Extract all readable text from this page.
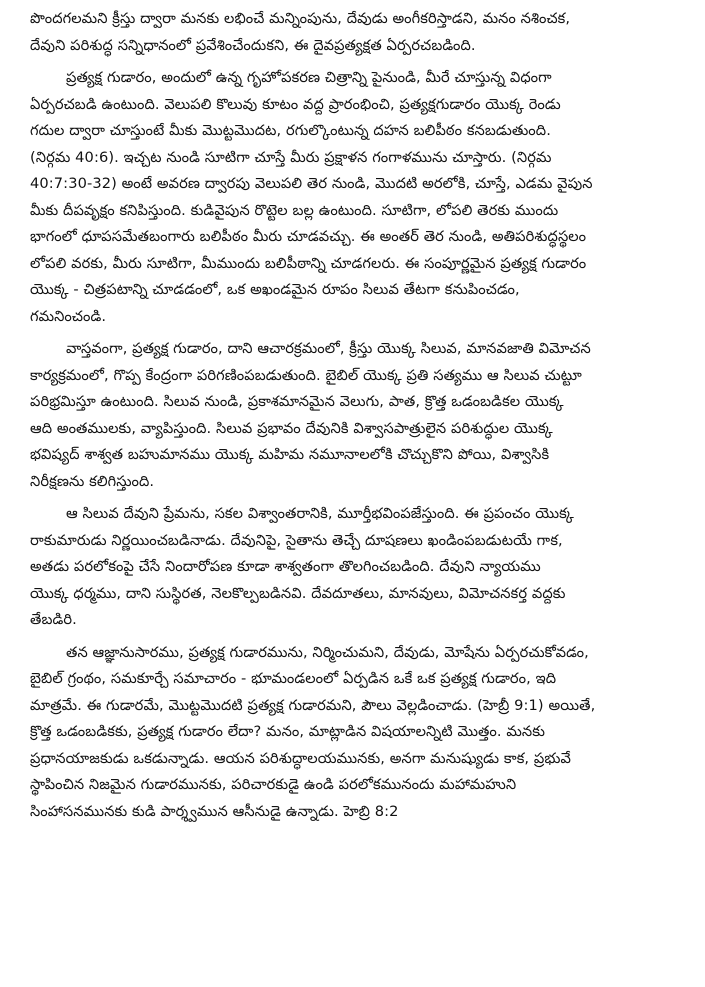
పొందగలమని క్రీస్తు ద్వారా మనకు లభించే మన్నింపును, దేవుడు అంగీకరిస్తాడని, మనం నశించక,
దేవుని పరిశుద్ధ సన్నిధానంలో ప్రవేశించేందుకని, ఈ దైవప్రత్యక్షత ఏర్పరచబడింది.
ప్రత్యక్ష గుడారం, అందులో ఉన్న గృహోపకరణ చిత్రాన్ని పైనుండి, మీరే చూస్తున్న విధంగా
ఏర్పరచబడి ఉంటుంది. వెలుపలి కొలువు కూటం వద్ద ప్రారంభించి, ప్రత్యక్షగుడారం యొక్క రెండు
గదుల ద్వారా చూస్తుంటే మీకు మొట్టమొదట, రగుల్కొంటున్న దహన బలిపీఠం కనబడుతుంది.
(నిర్గమ 40:6). ఇచ్చట నుండి సూటిగా చూస్తే మీరు ప్రక్షాళన గంగాళమును చూస్తారు. (నిర్గమ
40:7:30-32) అంటే అవరణ ద్వారపు వెలుపలి తెర నుండి, మొదటి అరలోకి, చూస్తే, ఎడమ వైపున
మీకు దీపవృక్షం కనిపిస్తుంది. కుడివైపున రొట్టెల బల్ల ఉంటుంది. సూటిగా, లోపలి తెరకు ముందు
భాగంలో ధూపసమేతబంగారు బలిపీఠం మీరు చూడవచ్చు. ఈ అంతర్ తెర నుండి, అతిపరిశుద్ధస్థలం
లోపలి వరకు, మీరు సూటిగా, మీముందు బలిపీఠాన్ని చూడగలరు. ఈ సంపూర్ణమైన ప్రత్యక్ష గుడారం
యొక్క - చిత్రపటాన్ని చూడడంలో, ఒక అఖండమైన రూపం సిలువ తేటగా కనుపించడం,
గమనించండి.
వాస్తవంగా, ప్రత్యక్ష గుడారం, దాని ఆచారక్రమంలో, క్రీస్తు యొక్క సిలువ, మానవజాతి విమోచన
కార్యక్రమంలో, గొప్ప కేంద్రంగా పరిగణింపబడుతుంది. బైబిల్ యొక్క ప్రతి సత్యము ఆ సిలువ చుట్టూ
పరిభ్రమిస్తూ ఉంటుంది. సిలువ నుండి, ప్రకాశమానమైన వెలుగు, పాత, క్రొత్త ఒడంబడికల యొక్క
ఆది అంతములకు, వ్యాపిస్తుంది. సిలువ ప్రభావం దేవునికి విశ్వాసపాత్రులైన పరిశుద్ధుల యొక్క
భవిష్యద్ శాశ్వత బహుమానము యొక్క మహిమ నమూనాలలోకి చొచ్చుకొని పోయి, విశ్వాసికి
నిరీక్షణను కలిగిస్తుంది.
ఆ సిలువ దేవుని ప్రేమను, సకల విశ్వాంతరానికి, మూర్తీభవింపజేస్తుంది. ఈ ప్రపంచం యొక్క
రాకుమారుడు నిర్ణయించబడినాడు. దేవునిపై, సైతాను తెచ్చే దూషణలు ఖండింపబడుటయే గాక,
అతడు పరలోకంపై చేసే నిందారోపణ కూడా శాశ్వతంగా తొలగించబడింది. దేవుని న్యాయము
యొక్క ధర్మము, దాని సుస్థిరత, నెలకొల్పబడినవి. దేవదూతలు, మానవులు, విమోచనకర్త వద్దకు
తేబడిరి.
తన ఆజ్ఞానుసారము, ప్రత్యక్ష గుడారమును, నిర్మించుమని, దేవుడు, మోషేను ఏర్పరచుకోవడం,
బైబిల్ గ్రంథం, సమకూర్చే సమాచారం - భూమండలంలో ఏర్పడిన ఒకే ఒక ప్రత్యక్ష గుడారం, ఇది
మాత్రమే. ఈ గుడారమే, మొట్టమొదటి ప్రత్యక్ష గుడారమని, పౌలు వెల్లడించాడు. (హెబ్రీ 9:1) అయితే,
క్రొత్త ఒడంబడికకు, ప్రత్యక్ష గుడారం లేదా? మనం, మాట్లాడిన విషయాలన్నిటి మొత్తం. మనకు
ప్రధానయాజకుడు ఒకడున్నాడు. ఆయన పరిశుద్ధాలయమునకు, అనగా మనుష్యుడు కాక, ప్రభువే
స్థాపించిన నిజమైన గుడారమునకు, పరిచారకుడై ఉండి పరలోకమునందు మహామహుని
సింహాసనమునకు కుడి పార్శ్వమున ఆసీనుడై ఉన్నాడు. హెబ్రి 8:2
